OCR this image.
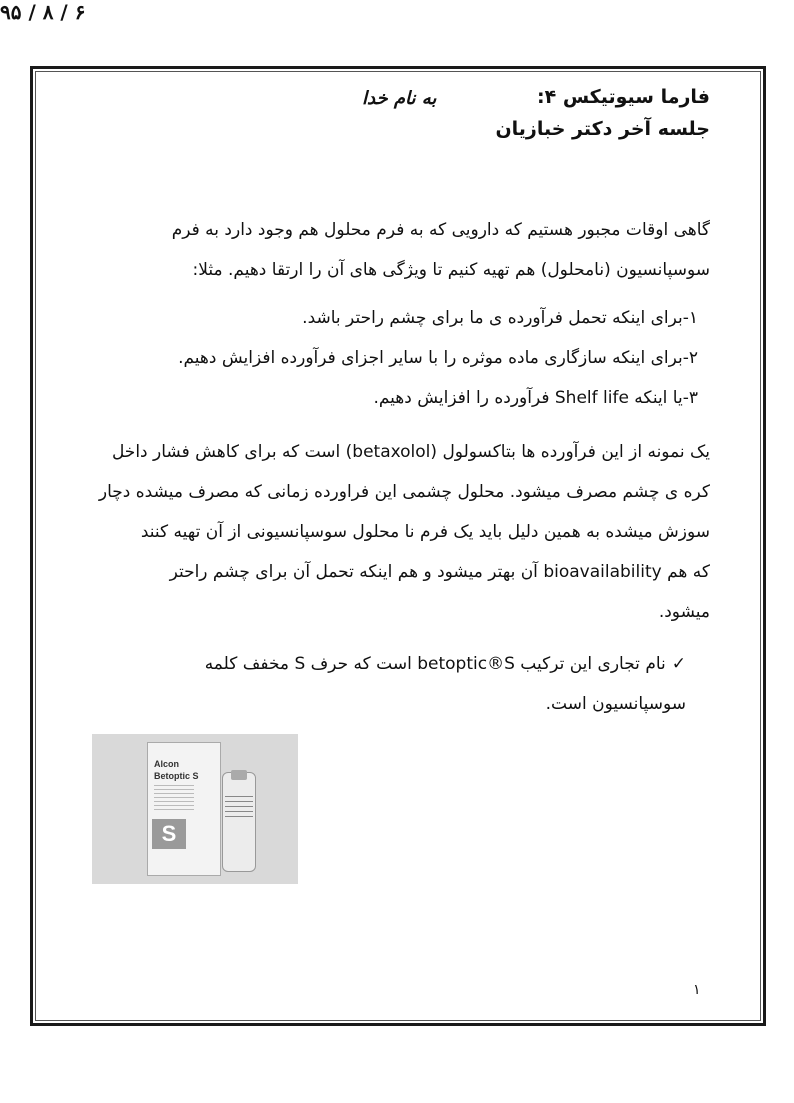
فارما سیوتیکس ۴:
جلسه آخر دکتر خبازیان
به نام خدا
۹۵ / ۸ / ۶
گاهی اوقات مجبور هستیم که دارویی که به فرم محلول هم وجود دارد به فرم
سوسپانسیون (نامحلول) هم تهیه کنیم تا ویژگی های آن را ارتقا دهیم. مثلا:
۱-برای اینکه تحمل فرآورده ی ما برای چشم راحتر باشد.
۲-برای اینکه سازگاری ماده موثره را با سایر اجزای فرآورده افزایش دهیم.
۳-یا اینکه Shelf life فرآورده را افزایش دهیم.
یک نمونه از این فرآورده ها بتاکسولول (betaxolol) است که برای کاهش فشار داخل
کره ی چشم مصرف میشود. محلول چشمی این فراورده زمانی که مصرف میشده دچار
سوزش میشده به همین دلیل باید یک فرم نا محلول سوسپانسیونی از آن تهیه کنند
که هم bioavailability آن بهتر میشود و هم اینکه تحمل آن برای چشم راحتر
میشود.
✓نام تجاری این ترکیب betoptic®S است که حرف S مخفف کلمه
سوسپانسیون است.
Alcon
Betoptic S
S
۱
